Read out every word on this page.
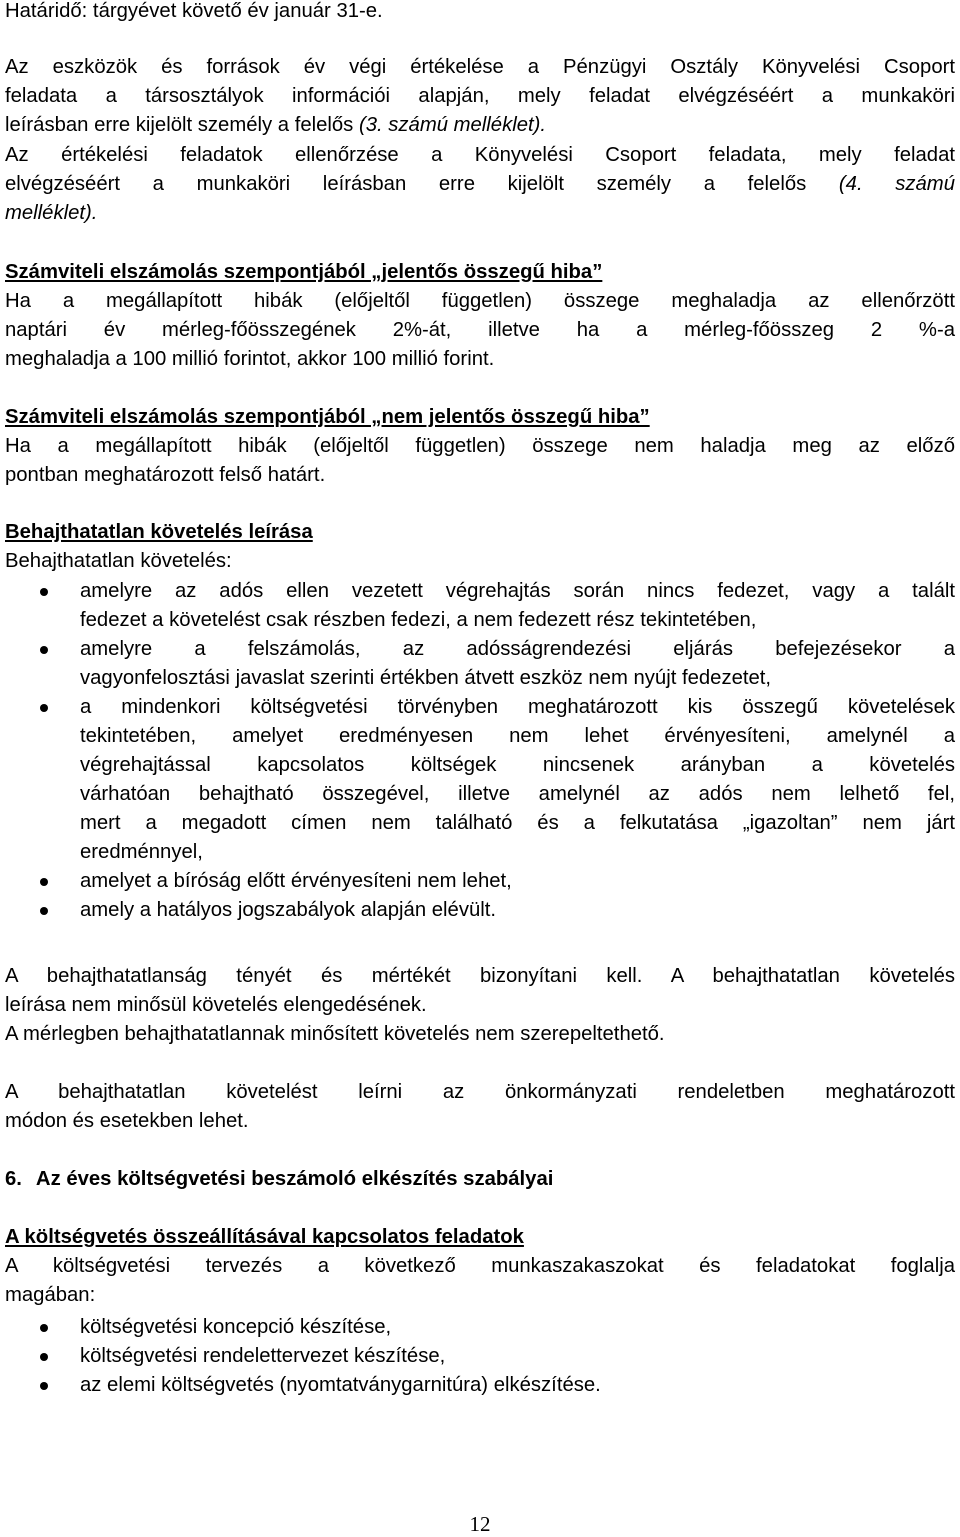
Határidő: tárgyévet követő év január 31-e.

Az eszközök és források év végi értékelése a Pénzügyi Osztály Könyvelési Csoport
feladata a társosztályok információi alapján, mely feladat elvégzéséért a munkaköri
leírásban erre kijelölt személy a felelős (3. számú melléklet).

Az értékelési feladatok ellenőrzése a Könyvelési Csoport feladata, mely feladat
elvégzéséért a munkaköri leírásban erre kijelölt személy a felelős (4. számú
melléklet).

Számviteli elszámolás szempontjából „jelentős összegű hiba”
Ha a megállapított hibák (előjeltől független) összege meghaladja az ellenőrzött
naptári év mérleg-főösszegének 2%-át, illetve ha a mérleg-főösszeg 2 %-a
meghaladja a 100 millió forintot, akkor 100 millió forint.

Számviteli elszámolás szempontjából „nem jelentős összegű hiba”
Ha a megállapított hibák (előjeltől független) összege nem haladja meg az előző
pontban meghatározott felső határt.

Behajthatatlan követelés leírása
Behajthatatlan követelés:

amelyre az adós ellen vezetett végrehajtás során nincs fedezet, vagy a talált
fedezet a követelést csak részben fedezi, a nem fedezett rész tekintetében,
amelyre a felszámolás, az adósságrendezési eljárás befejezésekor a
vagyonfelosztási javaslat szerinti értékben átvett eszköz nem nyújt fedezetet,
a mindenkori költségvetési törvényben meghatározott kis összegű követelések
tekintetében, amelyet eredményesen nem lehet érvényesíteni, amelynél a
végrehajtással kapcsolatos költségek nincsenek arányban a követelés
várhatóan behajtható összegével, illetve amelynél az adós nem lelhető fel,
mert a megadott címen nem található és a felkutatása „igazoltan” nem járt
eredménnyel,
amelyet a bíróság előtt érvényesíteni nem lehet,
amely a hatályos jogszabályok alapján elévült.

A behajthatatlanság tényét és mértékét bizonyítani kell. A behajthatatlan követelés
leírása nem minősül követelés elengedésének.
A mérlegben behajthatatlannak minősített követelés nem szerepeltethető.

A behajthatatlan követelést leírni az önkormányzati rendeletben meghatározott
módon és esetekben lehet.

6. Az éves költségvetési beszámoló elkészítés szabályai

A költségvetés összeállításával kapcsolatos feladatok
A költségvetési tervezés a következő munkaszakaszokat és feladatokat foglalja
magában:

költségvetési koncepció készítése,
költségvetési rendelettervezet készítése,
az elemi költségvetés (nyomtatványgarnitúra) elkészítése.
12
